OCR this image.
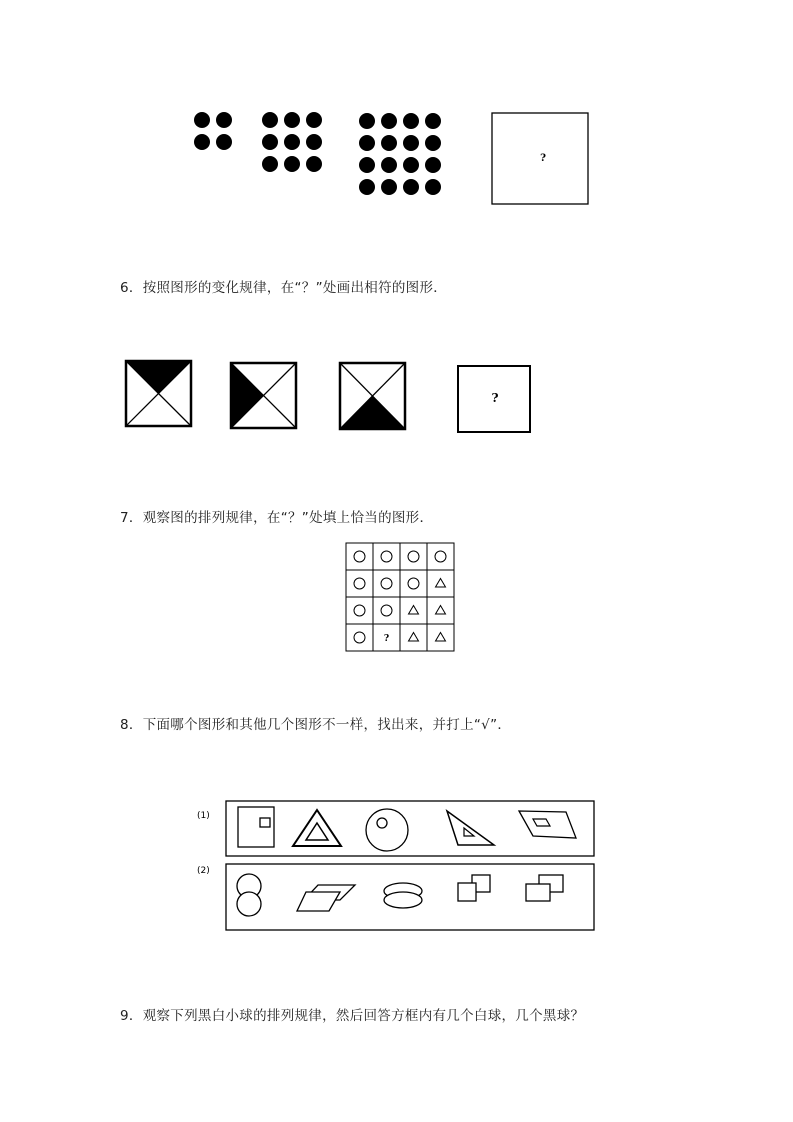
6．按照图形的变化规律，在“？”处画出相符的图形．
7．观察图的排列规律，在“？”处填上恰当的图形．
8．下面哪个图形和其他几个图形不一样，找出来，并打上“√”．
9．观察下列黑白小球的排列规律，然后回答方框内有几个白球，几个黑球？
?
?
?
(1)
(2)
